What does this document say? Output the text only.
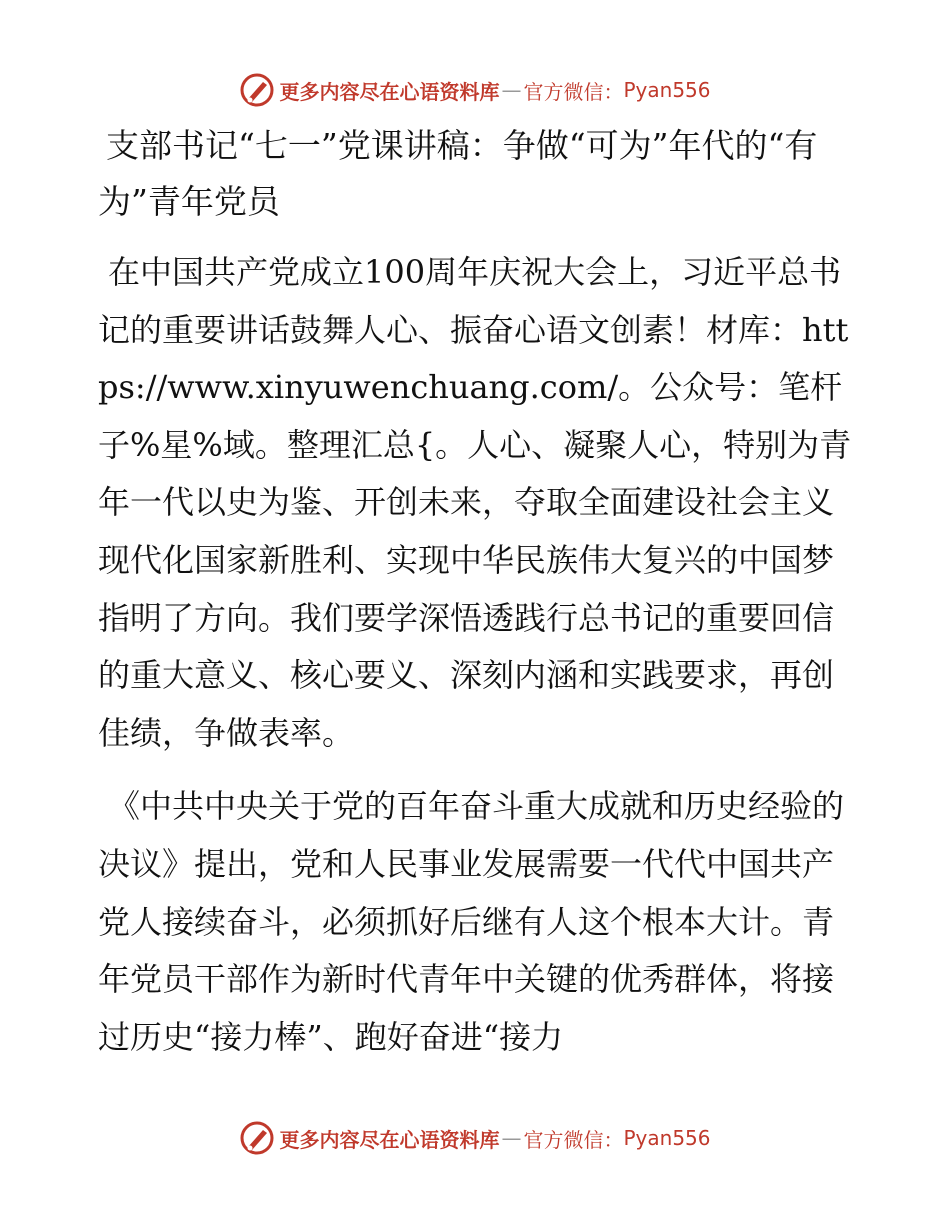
更多内容尽在心语资料库 — 官方微信： Pyan556
支部书记“七一”党课讲稿：争做“可为”年代的“有为”青年党员

在中国共产党成立100周年庆祝大会上，习近平总书记的重要讲话鼓舞人心、振奋心语文创素！材库：https://www.xinyuwenchuang.com/。公众号：笔杆子%星%域。整理汇总{。人心、凝聚人心，特别为青年一代以史为鉴、开创未来，夺取全面建设社会主义现代化国家新胜利、实现中华民族伟大复兴的中国梦指明了方向。我们要学深悟透践行总书记的重要回信的重大意义、核心要义、深刻内涵和实践要求，再创佳绩，争做表率。

《中共中央关于党的百年奋斗重大成就和历史经验的决议》提出，党和人民事业发展需要一代代中国共产党人接续奋斗，必须抓好后继有人这个根本大计。青年党员干部作为新时代青年中关键的优秀群体，将接过历史“接力棒”、跑好奋进“接力

更多内容尽在心语资料库 — 官方微信： Pyan556
